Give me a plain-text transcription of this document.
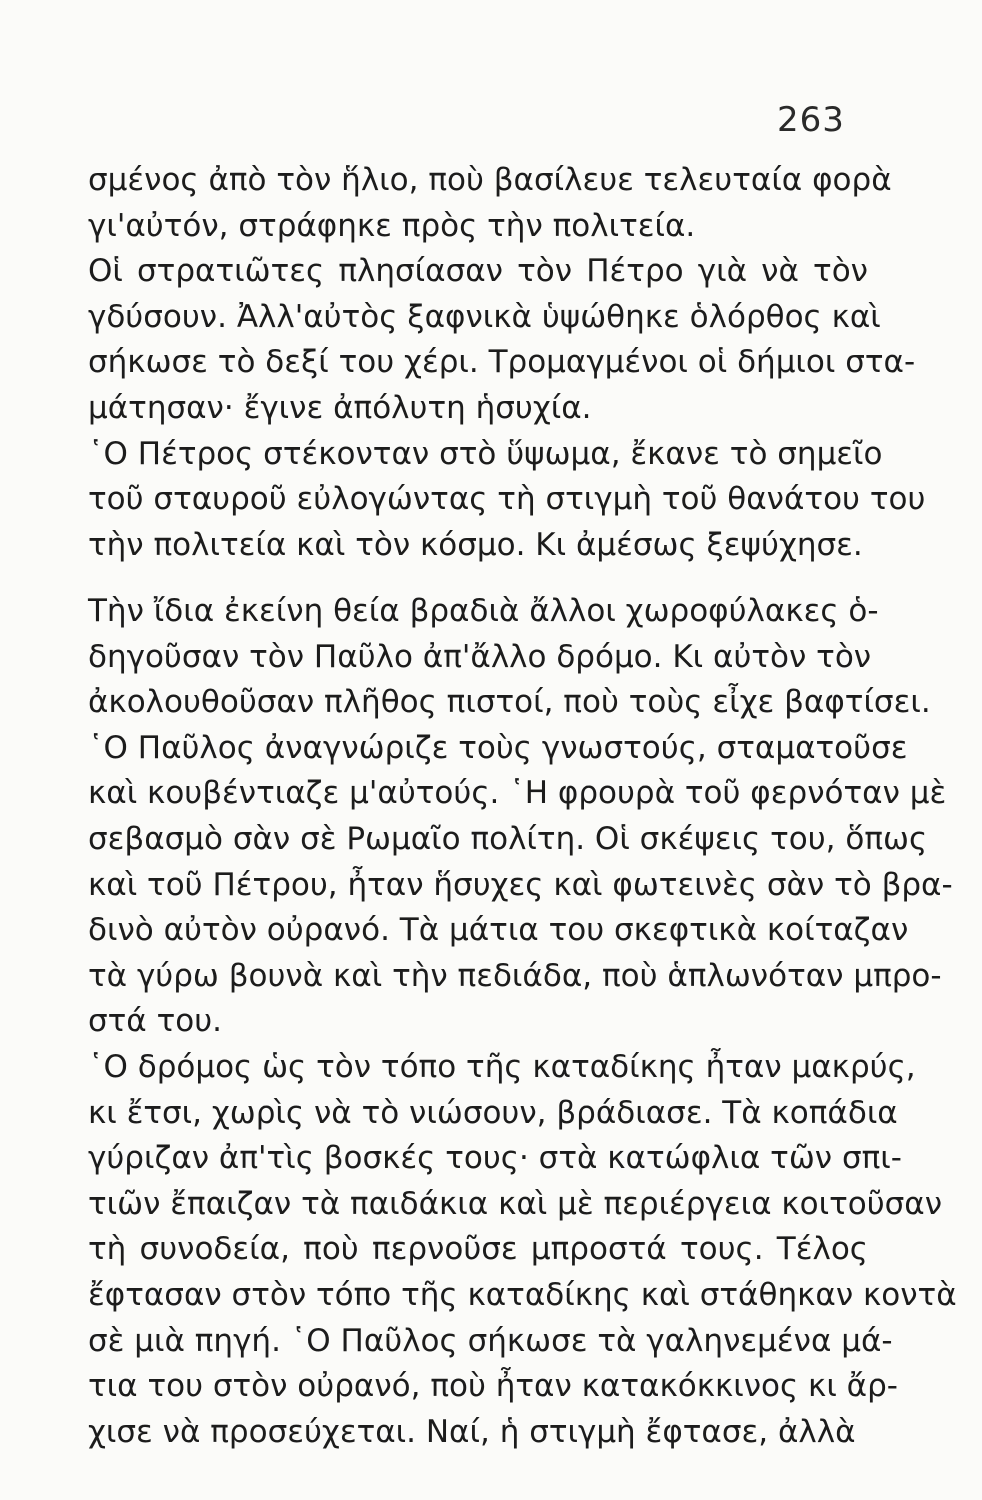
263
σμένος ἀπὸ τὸν ἥλιο, ποὺ βασίλευε τελευταία φορὰ
γι'αὐτόν, στράφηκε πρὸς τὴν πολιτεία.
Οἱ στρατιῶτες πλησίασαν τὸν Πέτρο γιὰ νὰ τὸν
γδύσουν. Ἀλλ'αὐτὸς ξαφνικὰ ὑψώθηκε ὁλόρθος καὶ
σήκωσε τὸ δεξί του χέρι. Τρομαγμένοι οἱ δήμιοι στα-
μάτησαν· ἔγινε ἀπόλυτη ἡσυχία.
῾Ο Πέτρος στέκονταν στὸ ὕψωμα, ἔκανε τὸ σημεῖο
τοῦ σταυροῦ εὐλογώντας τὴ στιγμὴ τοῦ θανάτου του
τὴν πολιτεία καὶ τὸν κόσμο. Κι ἀμέσως ξεψύχησε.
Τὴν ἴδια ἐκείνη θεία βραδιὰ ἄλλοι χωροφύλακες ὁ-
δηγοῦσαν τὸν Παῦλο ἀπ'ἄλλο δρόμο. Κι αὐτὸν τὸν
ἀκολουθοῦσαν πλῆθος πιστοί, ποὺ τοὺς εἶχε βαφτίσει.
῾Ο Παῦλος ἀναγνώριζε τοὺς γνωστούς, σταματοῦσε
καὶ κουβέντιαζε μ'αὐτούς. ῾Η φρουρὰ τοῦ φερνόταν μὲ
σεβασμὸ σὰν σὲ Ρωμαῖο πολίτη. Οἱ σκέψεις του, ὅπως
καὶ τοῦ Πέτρου, ἦταν ἥσυχες καὶ φωτεινὲς σὰν τὸ βρα-
δινὸ αὐτὸν οὐρανό. Τὰ μάτια του σκεφτικὰ κοίταζαν
τὰ γύρω βουνὰ καὶ τὴν πεδιάδα, ποὺ ἁπλωνόταν μπρο-
στά του.
῾Ο δρόμος ὡς τὸν τόπο τῆς καταδίκης ἦταν μακρύς,
κι ἔτσι, χωρὶς νὰ τὸ νιώσουν, βράδιασε. Τὰ κοπάδια
γύριζαν ἀπ'τὶς βοσκές τους· στὰ κατώφλια τῶν σπι-
τιῶν ἔπαιζαν τὰ παιδάκια καὶ μὲ περιέργεια κοιτοῦσαν
τὴ συνοδεία, ποὺ περνοῦσε μπροστά τους. Τέλος
ἔφτασαν στὸν τόπο τῆς καταδίκης καὶ στάθηκαν κοντὰ
σὲ μιὰ πηγή. ῾Ο Παῦλος σήκωσε τὰ γαληνεμένα μά-
τια του στὸν οὐρανό, ποὺ ἦταν κατακόκκινος κι ἄρ-
χισε νὰ προσεύχεται. Ναί, ἡ στιγμὴ ἔφτασε, ἀλλὰ
